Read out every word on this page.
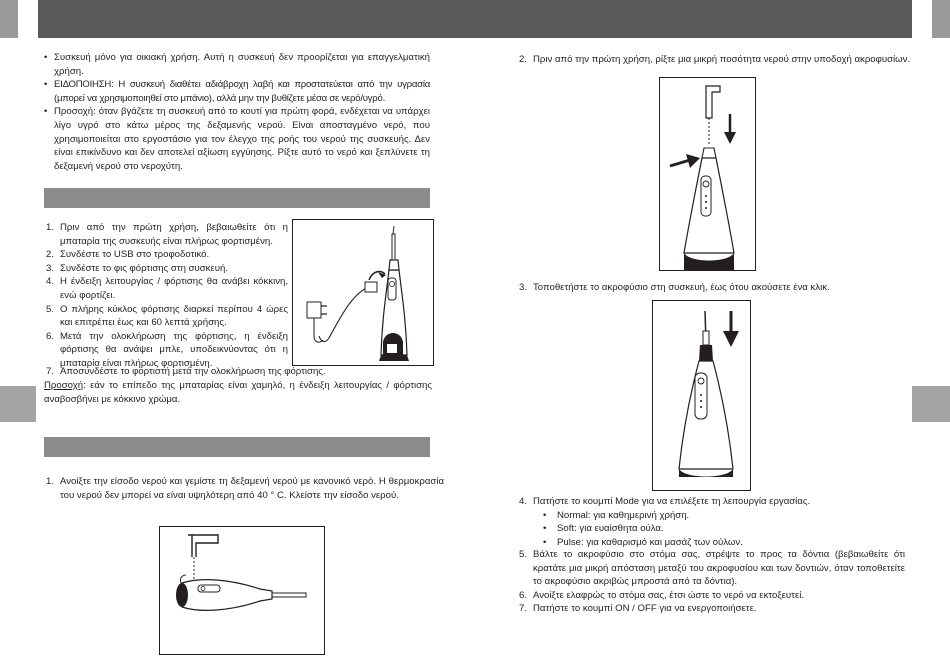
• Συσκευή μόνο για οικιακή χρήση. Αυτή η συσκευή δεν προορίζεται για επαγγελματική χρήση.
• ΕΙΔΟΠΟΙΗΣΗ: Η συσκευή διαθέτει αδιάβροχη λαβή και προστατεύεται από την υγρασία (μπορεί να χρησιμοποιηθεί στο μπάνιο), αλλά μην την βυθίζετε μέσα σε νερό/υγρό.
• Προσοχή: όταν βγάζετε τη συσκευή από το κουτί για πρώτη φορά, ενδέχεται να υπάρχει λίγο υγρό στο κάτω μέρος της δεξαμενής νερού. Είναι αποσταγμένο νερό, που χρησιμοποιείται στο εργοστάσιο για τον έλεγχο της ροής του νερού της συσκευής. Δεν είναι επικίνδυνο και δεν αποτελεί αξίωση εγγύησης. Ρίξτε αυτό το νερό και ξεπλύνετε τη δεξαμενή νερού στο νεροχύτη.
1. Πριν από την πρώτη χρήση, βεβαιωθείτε ότι η μπαταρία της συσκευής είναι πλήρως φορτισμένη.
2. Συνδέστε το USB στο τροφοδοτικό.
3. Συνδέστε το φις φόρτισης στη συσκευή.
4. Η ένδειξη λειτουργίας / φόρτισης θα ανάβει κόκκινη, ενώ φορτίζει.
5. Ο πλήρης κύκλος φόρτισης διαρκεί περίπου 4 ώρες και επιτρέπει έως και 60 λεπτά χρήσης.
6. Μετά την ολοκλήρωση της φόρτισης, η ένδειξη φόρτισης θα ανάψει μπλε, υποδεικνύοντας ότι η μπαταρία είναι πλήρως φορτισμένη.
7. Αποσυνδέστε το φορτιστή μετά την ολοκλήρωση της φόρτισης.

Προσοχή: εάν το επίπεδο της μπαταρίας είναι χαμηλό, η ένδειξη λειτουργίας / φόρτισης αναβοσβήνει με κόκκινο χρώμα.

1. Ανοίξτε την είσοδο νερού και γεμίστε τη δεξαμενή νερού με κανονικό νερό. Η θερμοκρασία του νερού δεν μπορεί να είναι υψηλότερη από 40 ° C. Κλείστε την είσοδο νερού.
2. Πριν από την πρώτη χρήση, ρίξτε μια μικρή ποσότητα νερού στην υποδοχή ακροφυσίων.
3. Τοποθετήστε το ακροφύσιο στη συσκευή, έως ότου ακούσετε ένα κλικ.
4. Πατήστε το κουμπί Mode για να επιλέξετε τη λειτουργία εργασίας.
• Normal: για καθημερινή χρήση.
• Soft: για ευαίσθητα ούλα.
• Pulse: για καθαρισμό και μασάζ των ούλων.
5. Βάλτε το ακροφύσιο στο στόμα σας, στρέψτε το προς τα δόντια (βεβαιωθείτε ότι κρατάτε μια μικρή απόσταση μεταξύ του ακροφυσίου και των δοντιών, όταν τοποθετείτε το ακροφύσιο ακριβώς μπροστά από τα δόντια).
6. Ανοίξτε ελαφρώς το στόμα σας, έτσι ώστε το νερό να εκτοξευτεί.
7. Πατήστε το κουμπί ON / OFF για να ενεργοποιήσετε.
